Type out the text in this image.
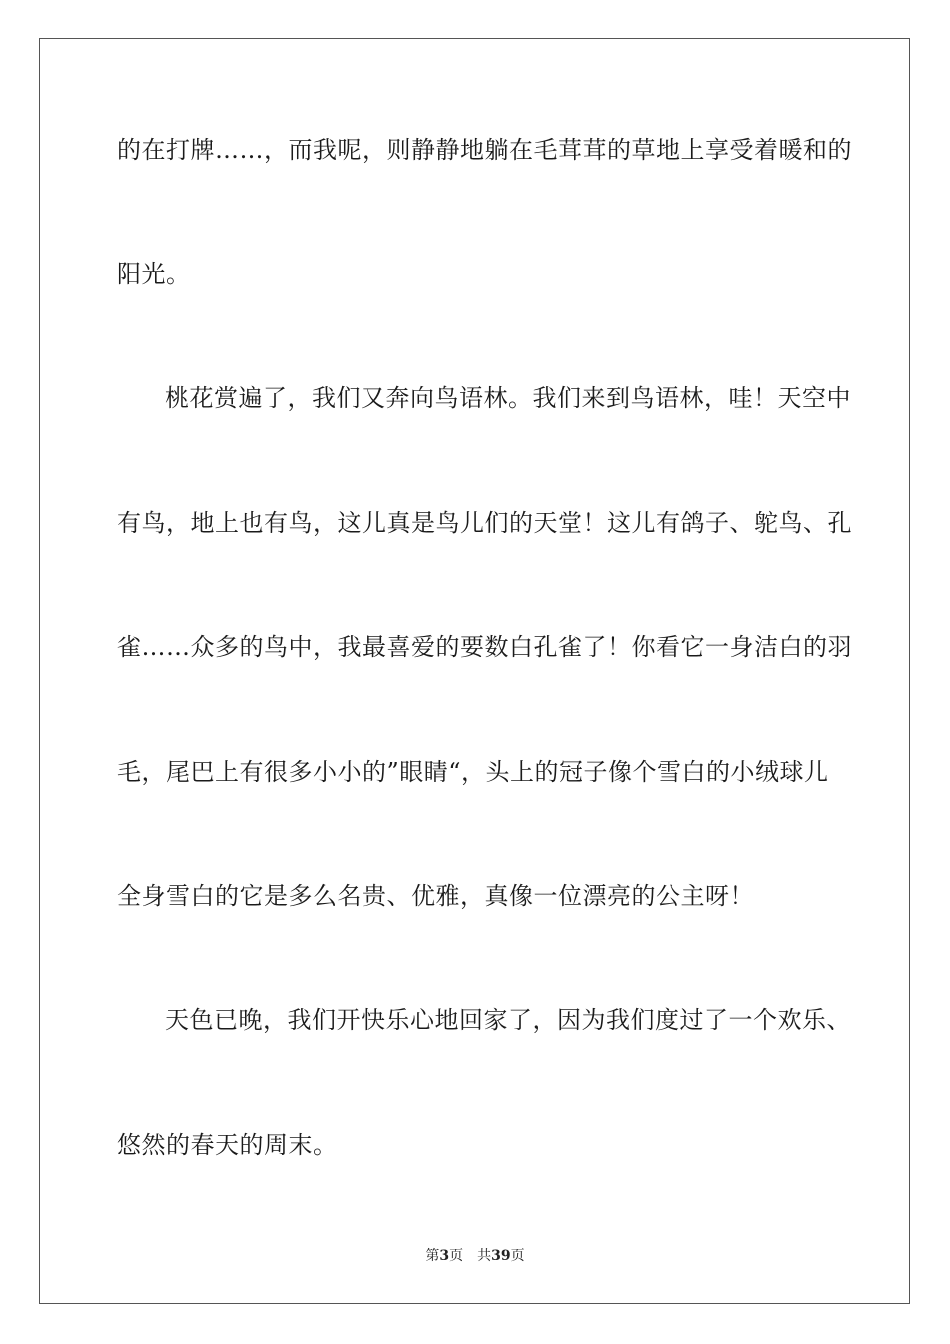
的在打牌……，而我呢，则静静地躺在毛茸茸的草地上享受着暖和的
阳光。
桃花赏遍了，我们又奔向鸟语林。我们来到鸟语林，哇！天空中
有鸟，地上也有鸟，这儿真是鸟儿们的天堂！这儿有鸽子、鸵鸟、孔
雀……众多的鸟中，我最喜爱的要数白孔雀了！你看它一身洁白的羽
毛，尾巴上有很多小小的”眼睛“，头上的冠子像个雪白的小绒球儿
全身雪白的它是多么名贵、优雅，真像一位漂亮的公主呀！
天色已晚，我们开快乐心地回家了，因为我们度过了一个欢乐、
悠然的春天的周末。
第3页 共39页
